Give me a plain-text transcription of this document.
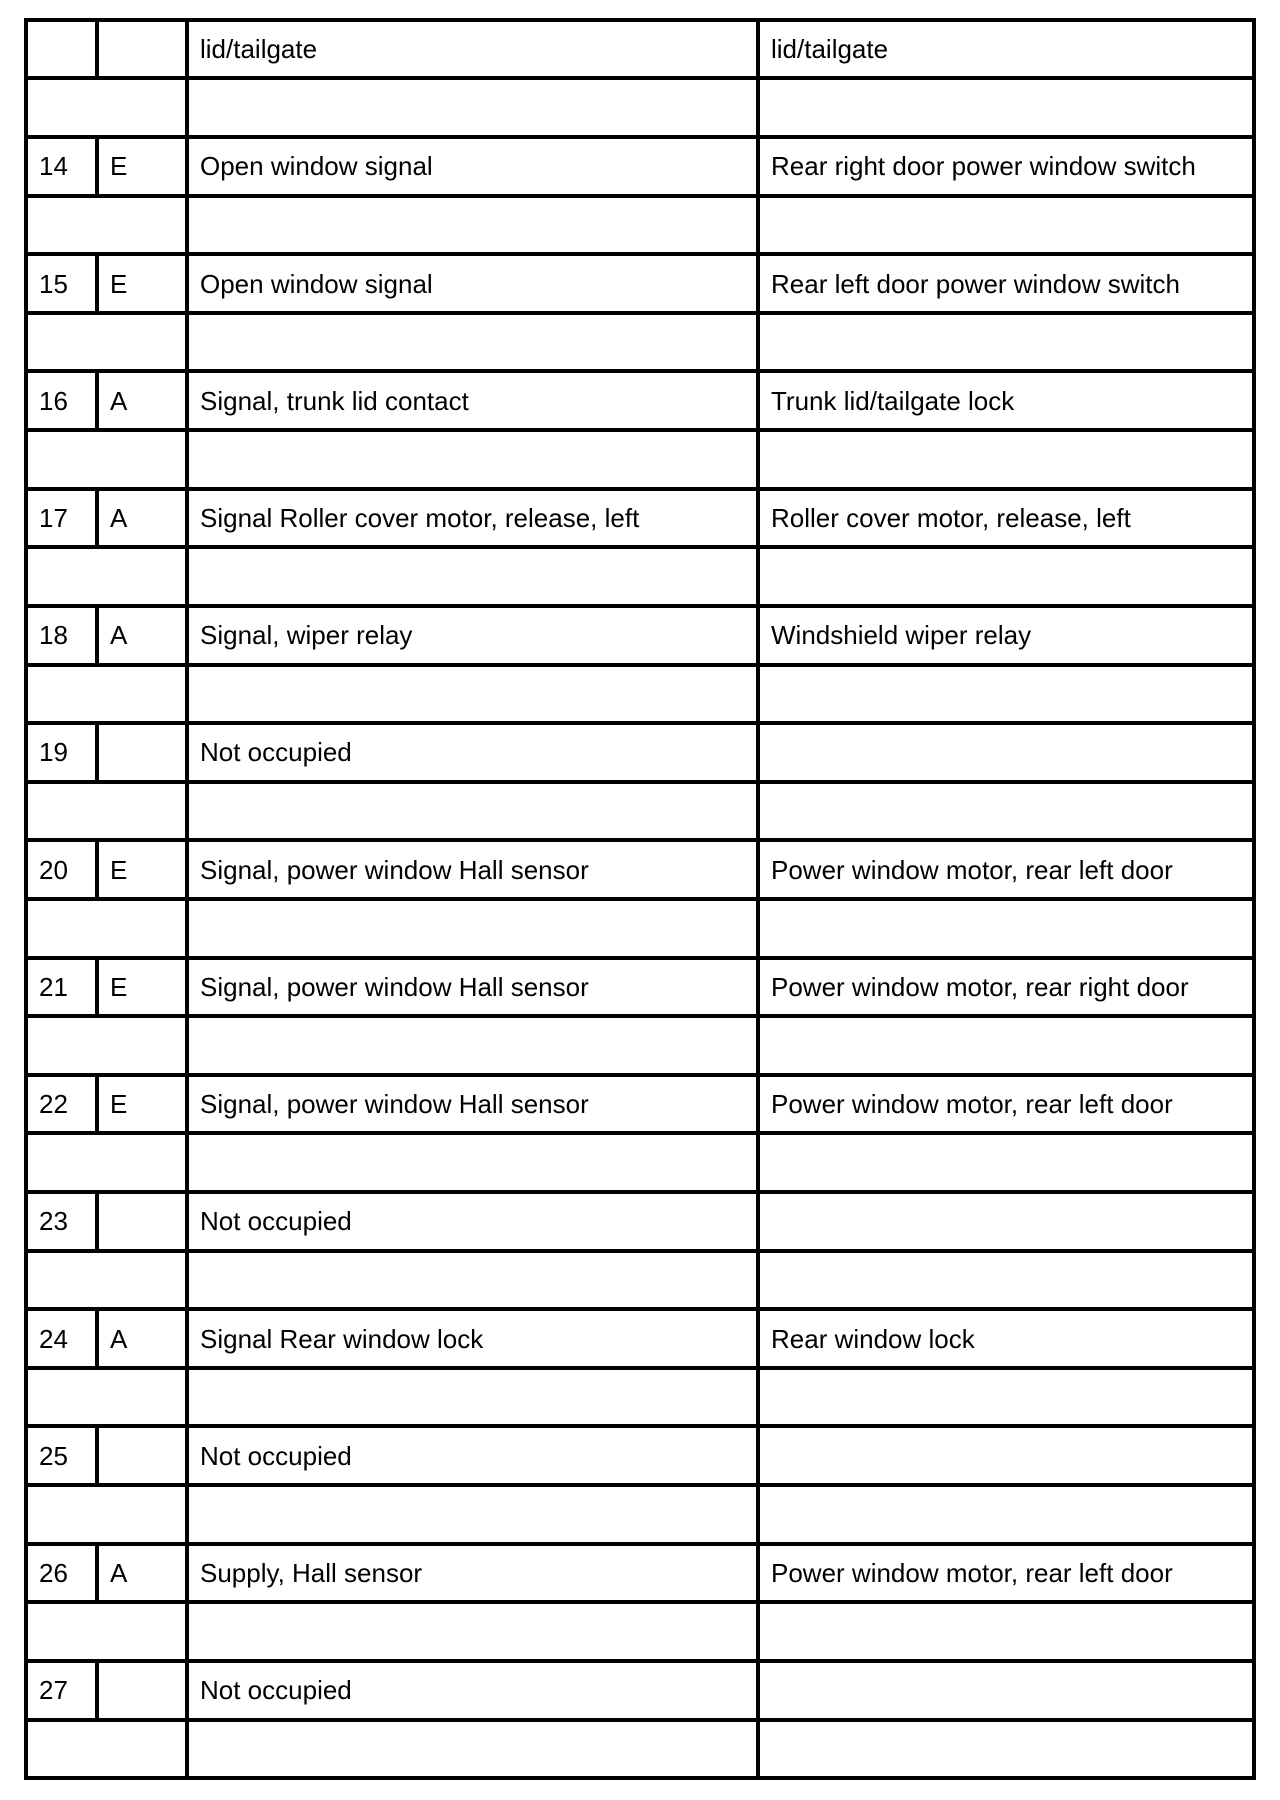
		lid/tailgate	lid/tailgate

14	E	Open window signal	Rear right door power window switch

15	E	Open window signal	Rear left door power window switch

16	A	Signal, trunk lid contact	Trunk lid/tailgate lock

17	A	Signal Roller cover motor, release, left	Roller cover motor, release, left

18	A	Signal, wiper relay	Windshield wiper relay

19		Not occupied	

20	E	Signal, power window Hall sensor	Power window motor, rear left door

21	E	Signal, power window Hall sensor	Power window motor, rear right door

22	E	Signal, power window Hall sensor	Power window motor, rear left door

23		Not occupied	

24	A	Signal Rear window lock	Rear window lock

25		Not occupied	

26	A	Supply, Hall sensor	Power window motor, rear left door

27		Not occupied	
